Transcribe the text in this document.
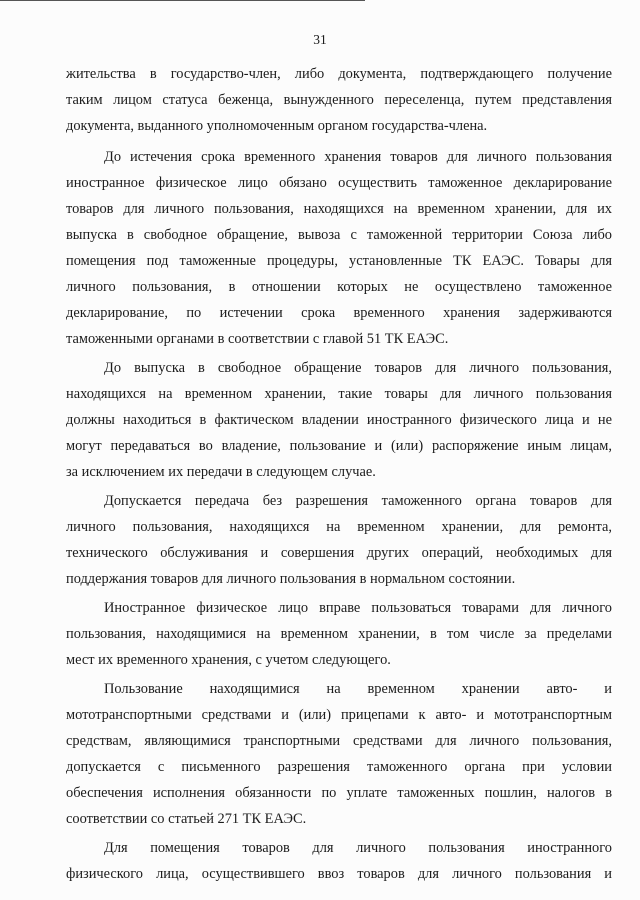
31
жительства в государство-член, либо документа, подтверждающего получение
таким лицом статуса беженца, вынужденного переселенца, путем представления
документа, выданного уполномоченным органом государства-члена.
До истечения срока временного хранения товаров для личного пользования
иностранное физическое лицо обязано осуществить таможенное декларирование
товаров для личного пользования, находящихся на временном хранении, для их
выпуска в свободное обращение, вывоза с таможенной территории Союза либо
помещения под таможенные процедуры, установленные ТК ЕАЭС. Товары для
личного пользования, в отношении которых не осуществлено таможенное
декларирование, по истечении срока временного хранения задерживаются
таможенными органами в соответствии с главой 51 ТК ЕАЭС.
До выпуска в свободное обращение товаров для личного пользования,
находящихся на временном хранении, такие товары для личного пользования
должны находиться в фактическом владении иностранного физического лица и не
могут передаваться во владение, пользование и (или) распоряжение иным лицам,
за исключением их передачи в следующем случае.
Допускается передача без разрешения таможенного органа товаров для
личного пользования, находящихся на временном хранении, для ремонта,
технического обслуживания и совершения других операций, необходимых для
поддержания товаров для личного пользования в нормальном состоянии.
Иностранное физическое лицо вправе пользоваться товарами для личного
пользования, находящимися на временном хранении, в том числе за пределами
мест их временного хранения, с учетом следующего.
Пользование находящимися на временном хранении авто- и
мототранспортными средствами и (или) прицепами к авто- и мототранспортным
средствам, являющимися транспортными средствами для личного пользования,
допускается с письменного разрешения таможенного органа при условии
обеспечения исполнения обязанности по уплате таможенных пошлин, налогов в
соответствии со статьей 271 ТК ЕАЭС.
Для помещения товаров для личного пользования иностранного
физического лица, осуществившего ввоз товаров для личного пользования и
